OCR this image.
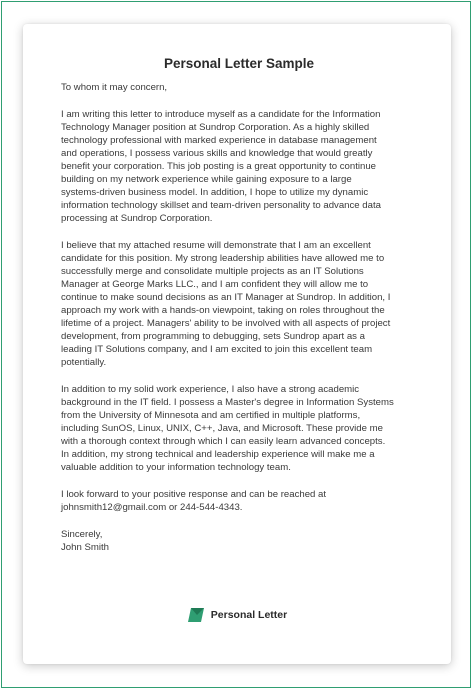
Personal Letter Sample

To whom it may concern,

I am writing this letter to introduce myself as a candidate for the Information

Technology Manager position at Sundrop Corporation. As a highly skilled

technology professional with marked experience in database management

and operations, I possess various skills and knowledge that would greatly

benefit your corporation. This job posting is a great opportunity to continue

building on my network experience while gaining exposure to a large

systems-driven business model. In addition, I hope to utilize my dynamic

information technology skillset and team-driven personality to advance data

processing at Sundrop Corporation.

I believe that my attached resume will demonstrate that I am an excellent

candidate for this position. My strong leadership abilities have allowed me to

successfully merge and consolidate multiple projects as an IT Solutions

Manager at George Marks LLC., and I am confident they will allow me to

continue to make sound decisions as an IT Manager at Sundrop. In addition, I

approach my work with a hands-on viewpoint, taking on roles throughout the

lifetime of a project. Managers' ability to be involved with all aspects of project

development, from programming to debugging, sets Sundrop apart as a

leading IT Solutions company, and I am excited to join this excellent team

potentially.

In addition to my solid work experience, I also have a strong academic

background in the IT field. I possess a Master's degree in Information Systems

from the University of Minnesota and am certified in multiple platforms,

including SunOS, Linux, UNIX, C++, Java, and Microsoft. These provide me

with a thorough context through which I can easily learn advanced concepts.

In addition, my strong technical and leadership experience will make me a

valuable addition to your information technology team.

I look forward to your positive response and can be reached at

johnsmith12@gmail.com or 244-544-4343.

Sincerely,

John Smith

Personal Letter
